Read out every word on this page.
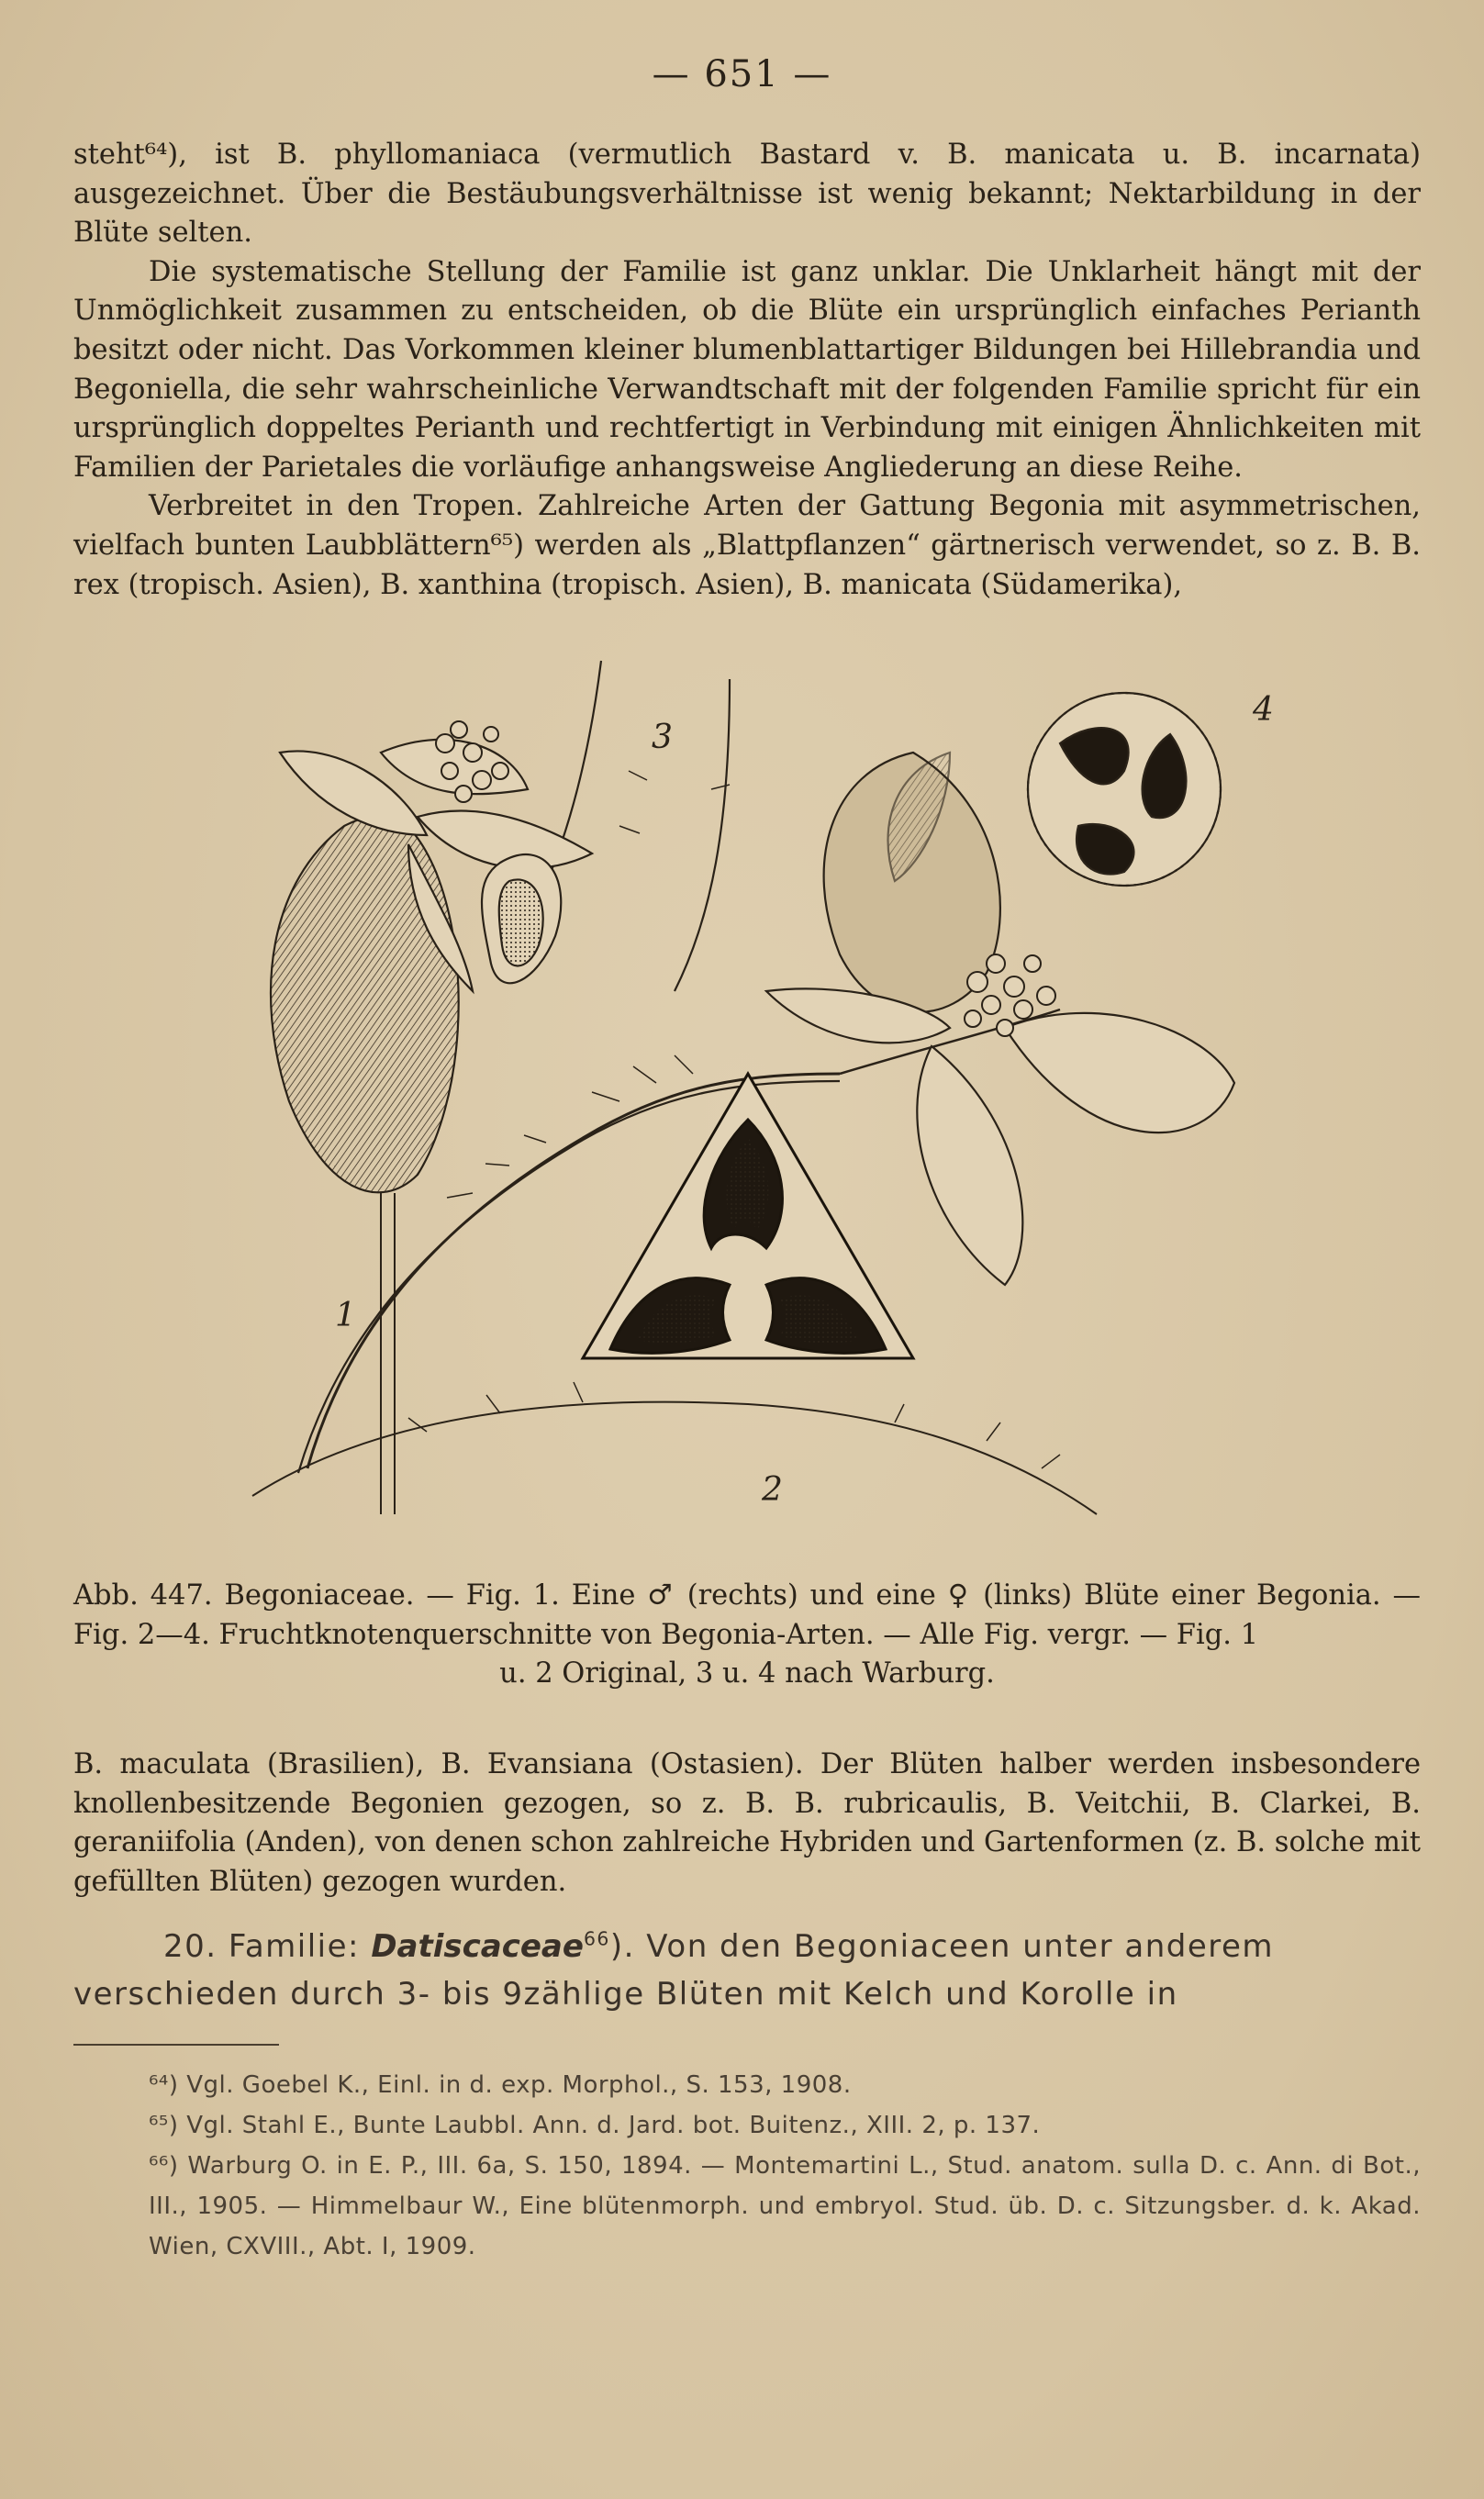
— 651 —

steht⁶⁴), ist B. phyllomaniaca (vermutlich Bastard v. B. manicata u. B. incarnata) ausgezeichnet. Über die Bestäubungsverhältnisse ist wenig bekannt; Nektarbildung in der Blüte selten.

Die systematische Stellung der Familie ist ganz unklar. Die Unklarheit hängt mit der Unmöglichkeit zusammen zu entscheiden, ob die Blüte ein ursprünglich einfaches Perianth besitzt oder nicht. Das Vorkommen kleiner blumenblattartiger Bildungen bei Hillebrandia und Begoniella, die sehr wahrscheinliche Verwandtschaft mit der folgenden Familie spricht für ein ursprünglich doppeltes Perianth und rechtfertigt in Verbindung mit einigen Ähnlichkeiten mit Familien der Parietales die vorläufige anhangsweise Angliederung an diese Reihe.

Verbreitet in den Tropen. Zahlreiche Arten der Gattung Begonia mit asymmetrischen, vielfach bunten Laubblättern⁶⁵) werden als „Blattpflanzen“ gärtnerisch verwendet, so z. B. B. rex (tropisch. Asien), B. xanthina (tropisch. Asien), B. manicata (Südamerika),

1
2
3
4
Abb. 447. Begoniaceae. — Fig. 1. Eine ♂ (rechts) und eine ♀ (links) Blüte einer Begonia. — Fig. 2—4. Fruchtknotenquerschnitte von Begonia-Arten. — Alle Fig. vergr. — Fig. 1
u. 2 Original, 3 u. 4 nach Warburg.
B. maculata (Brasilien), B. Evansiana (Ostasien). Der Blüten halber werden insbesondere knollenbesitzende Begonien gezogen, so z. B. B. rubricaulis, B. Veitchii, B. Clarkei, B. geraniifolia (Anden), von denen schon zahlreiche Hybriden und Gartenformen (z. B. solche mit gefüllten Blüten) gezogen wurden.
20. Familie: Datiscaceae$^{66}$). Von den Begoniaceen unter anderem
verschieden durch 3- bis 9zählige Blüten mit Kelch und Korolle in

⁶⁴) Vgl. Goebel K., Einl. in d. exp. Morphol., S. 153, 1908.

⁶⁵) Vgl. Stahl E., Bunte Laubbl. Ann. d. Jard. bot. Buitenz., XIII. 2, p. 137.

⁶⁶) Warburg O. in E. P., III. 6a, S. 150, 1894. — Montemartini L., Stud. anatom. sulla D. c. Ann. di Bot., III., 1905. — Himmelbaur W., Eine blütenmorph. und embryol. Stud. üb. D. c. Sitzungsber. d. k. Akad. Wien, CXVIII., Abt. I, 1909.
